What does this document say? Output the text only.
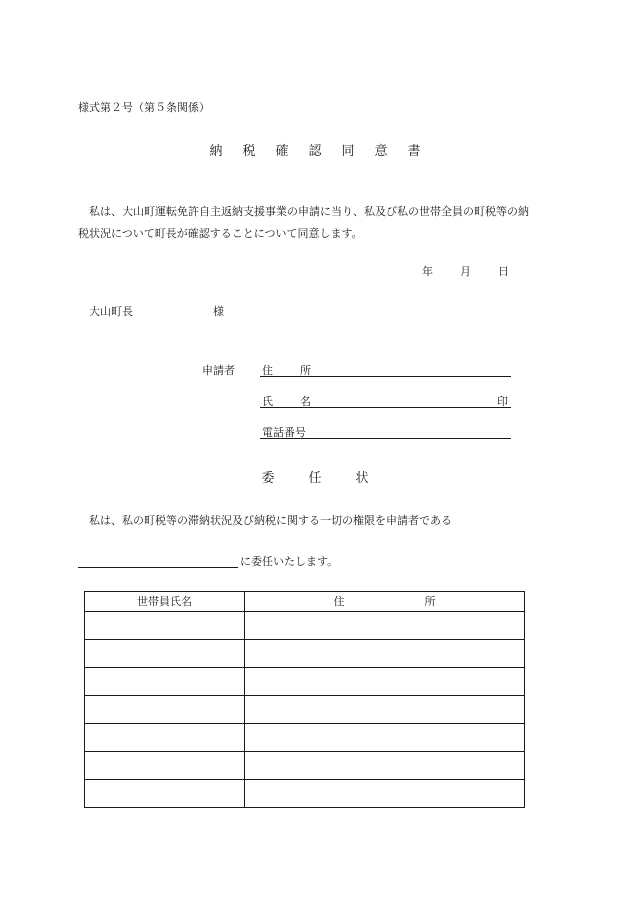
様式第２号（第５条関係）
納 税 確 認 同 意 書
私は、大山町運転免許自主返納支援事業の申請に当り、私及び私の世帯全員の町税等の納
税状況について町長が確認することについて同意します。
年 月 日
大山町長	様
申請者 住 所
氏 名	印
電話番号
委	任	状
私は、私の町税等の滞納状況及び納税に関する一切の権限を申請者である
に委任いたします。
世帯員氏名	住 所
